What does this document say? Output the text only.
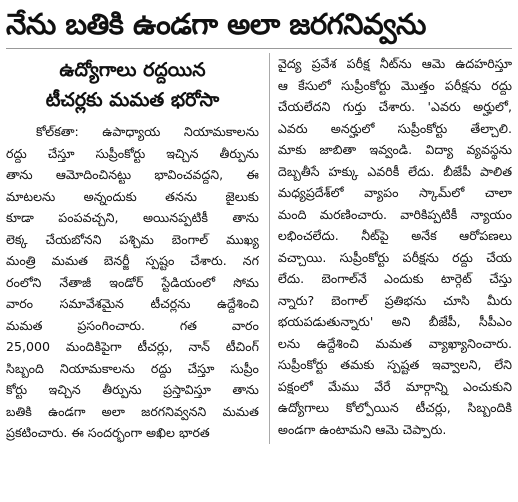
నేను బతికి ఉండగా అలా జరగనివ్వను
ఉద్యోగాలు రద్దయిన
టీచర్లకు మమత భరోసా
కోల్‌కతా: ఉపాధ్యాయ నియామకాలను
రద్దు చేస్తూ సుప్రీంకోర్టు ఇచ్చిన తీర్పును
తాను ఆమోదించినట్టు భావించవద్దని, ఈ
మాటలను అన్నందుకు తనను జైలుకు
కూడా పంపవచ్చని, అయినప్పటికీ తాను
లెక్క చేయబోనని పశ్చిమ బెంగాల్ ముఖ్య
మంత్రి మమత బెనర్జీ స్పష్టం చేశారు. నగ
రంలోని నేతాజీ ఇండోర్ స్టేడియంలో సోమ
వారం సమావేశమైన టీచర్లను ఉద్దేశించి
మమత ప్రసంగించారు. గత వారం
25,000 మందికిపైగా టీచర్లు, నాన్ టీచింగ్
సిబ్బంది నియామకాలను రద్దు చేస్తూ సుప్రీం
కోర్టు ఇచ్చిన తీర్పును ప్రస్తావిస్తూ తాను
బతికి ఉండగా అలా జరగనివ్వనని మమత
ప్రకటించారు. ఈ సందర్భంగా అఖిల భారత
వైద్య ప్రవేశ పరీక్ష నీట్‌ను ఆమె ఉదహరిస్తూ
ఆ కేసులో సుప్రీంకోర్టు మొత్తం పరీక్షను రద్దు
చేయలేదని గుర్తు చేశారు. 'ఎవరు అర్హులో,
ఎవరు అనర్హులో సుప్రీంకోర్టు తేల్చాలి.
మాకు జాబితా ఇవ్వండి. విద్యా వ్యవస్థను
దెబ్బతీసే హక్కు ఎవరికీ లేదు. బీజేపీ పాలిత
మధ్యప్రదేశ్‌లో వ్యాపం స్కామ్‌లో చాలా
మంది మరణించారు. వారికిప్పటికీ న్యాయం
లభించలేదు. నీట్‌పై అనేక ఆరోపణలు
వచ్చాయి. సుప్రీంకోర్టు పరీక్షను రద్దు చేయ
లేదు. బెంగాల్‌నే ఎందుకు టార్గెట్ చేస్తు
న్నారు? బెంగాల్ ప్రతిభను చూసి మీరు
భయపడుతున్నారు' అని బీజేపీ, సీపీఎం
లను ఉద్దేశించి మమత వ్యాఖ్యానించారు.
సుప్రీంకోర్టు తమకు స్పష్టత ఇవ్వాలని, లేని
పక్షంలో మేము వేరే మార్గాన్ని ఎంచుకుని
ఉద్యోగాలు కోల్పోయిన టీచర్లు, సిబ్బందికి
అండగా ఉంటామని ఆమె చెప్పారు.
